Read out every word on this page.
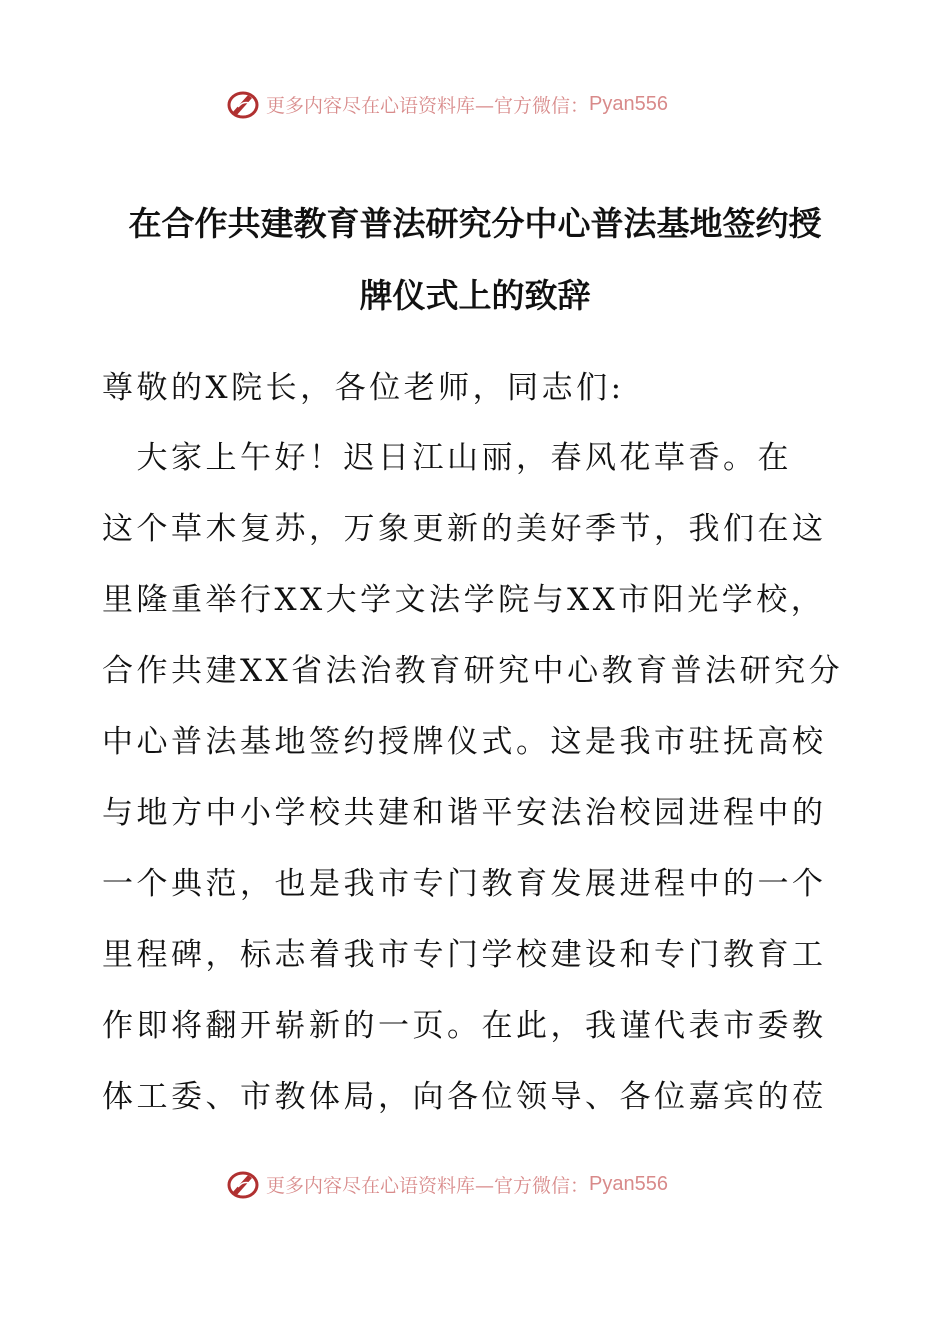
更多内容尽在心语资料库—官方微信： Pyan556
在合作共建教育普法研究分中心普法基地签约授
牌仪式上的致辞
尊敬的X院长，各位老师，同志们:
　大家上午好！迟日江山丽，春风花草香。在
这个草木复苏，万象更新的美好季节，我们在这
里隆重举行XX大学文法学院与XX市阳光学校，
合作共建XX省法治教育研究中心教育普法研究分
中心普法基地签约授牌仪式。这是我市驻抚高校
与地方中小学校共建和谐平安法治校园进程中的
一个典范，也是我市专门教育发展进程中的一个
里程碑，标志着我市专门学校建设和专门教育工
作即将翻开崭新的一页。在此，我谨代表市委教
体工委、市教体局，向各位领导、各位嘉宾的莅
更多内容尽在心语资料库—官方微信： Pyan556
